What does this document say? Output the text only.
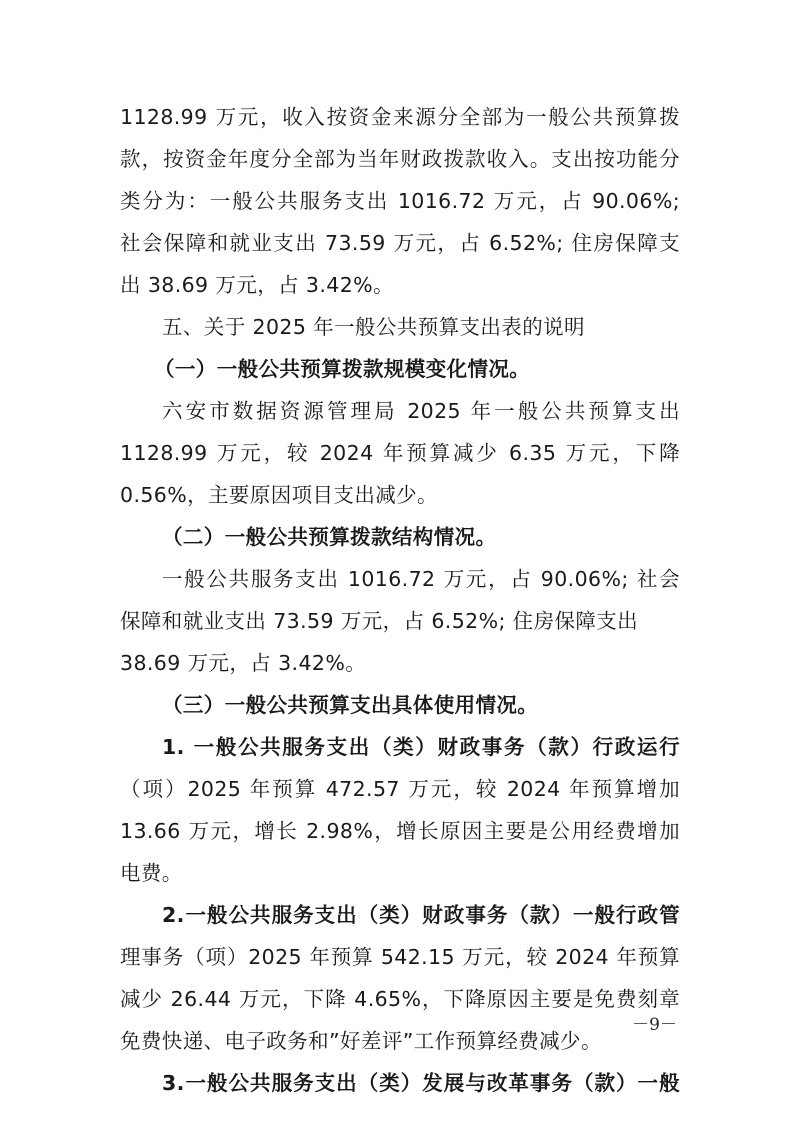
1128.99 万元，收入按资金来源分全部为一般公共预算拨
款，按资金年度分全部为当年财政拨款收入。支出按功能分
类分为：一般公共服务支出 1016.72 万元，占 90.06%;
社会保障和就业支出 73.59 万元，占 6.52%; 住房保障支
出 38.69 万元，占 3.42%。
五、关于 2025 年一般公共预算支出表的说明
（一）一般公共预算拨款规模变化情况。
六安市数据资源管理局 2025 年一般公共预算支出
1128.99 万元，较 2024 年预算减少 6.35 万元，下降
0.56%，主要原因项目支出减少。
（二）一般公共预算拨款结构情况。
一般公共服务支出 1016.72 万元，占 90.06%; 社会
保障和就业支出 73.59 万元，占 6.52%; 住房保障支出
38.69 万元，占 3.42%。
（三）一般公共预算支出具体使用情况。
1. 一般公共服务支出（类）财政事务（款）行政运行
（项）2025 年预算 472.57 万元，较 2024 年预算增加
13.66 万元，增长 2.98%，增长原因主要是公用经费增加
电费。
2.一般公共服务支出（类）财政事务（款）一般行政管
理事务（项）2025 年预算 542.15 万元，较 2024 年预算
减少 26.44 万元，下降 4.65%，下降原因主要是免费刻章
免费快递、电子政务和”好差评”工作预算经费减少。
3.一般公共服务支出（类）发展与改革事务（款）一般
－9－
